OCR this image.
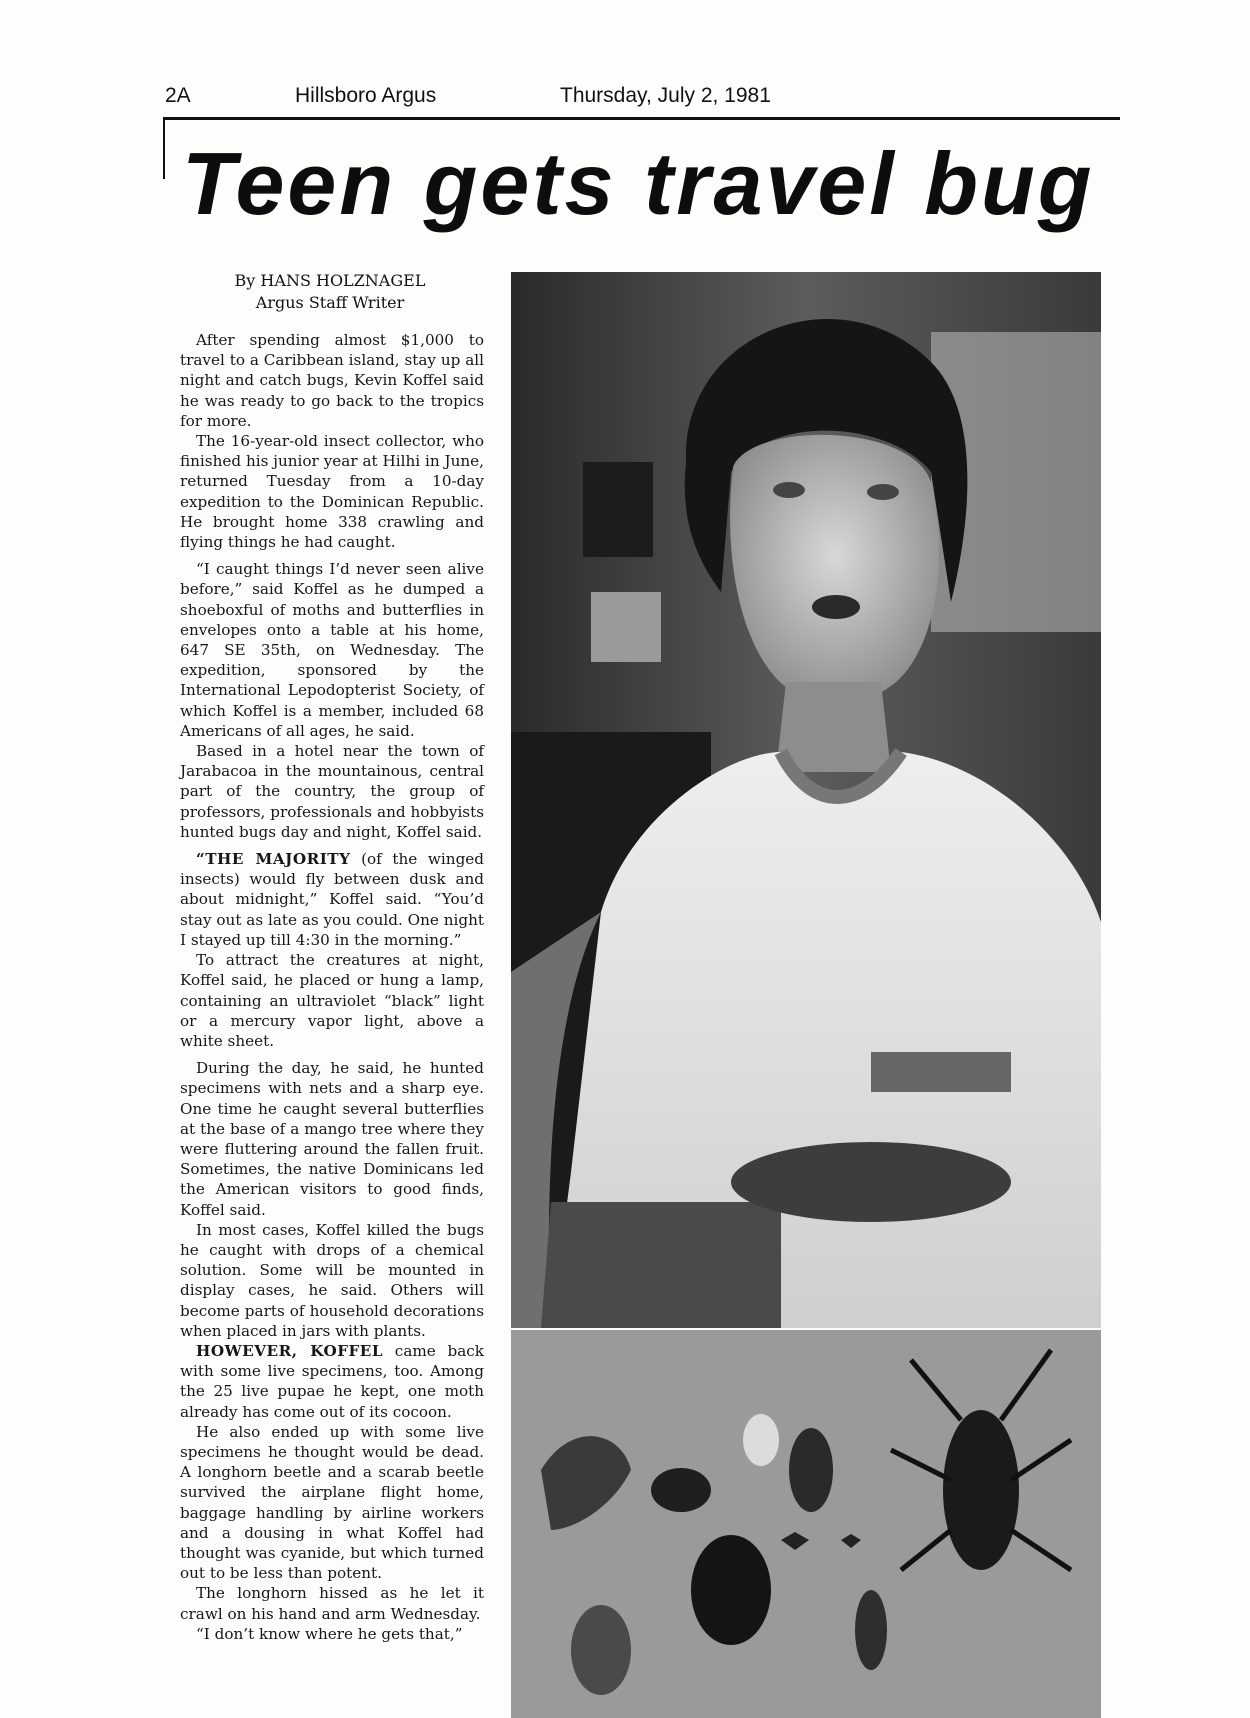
2A	Hillsboro Argus	Thursday, July 2, 1981
Teen gets travel bug
By HANS HOLZNAGEL
Argus Staff Writer

After spending almost $1,000 to travel to a Caribbean island, stay up all night and catch bugs, Kevin Koffel said he was ready to go back to the tropics for more.

The 16-year-old insect collector, who finished his junior year at Hilhi in June, returned Tuesday from a 10-day expedition to the Dominican Republic. He brought home 338 crawling and flying things he had caught.

“I caught things I’d never seen alive before,” said Koffel as he dumped a shoeboxful of moths and butterflies in envelopes onto a table at his home, 647 SE 35th, on Wednesday. The expedition, sponsored by the International Lepodopterist Society, of which Koffel is a member, included 68 Americans of all ages, he said.

Based in a hotel near the town of Jarabacoa in the mountainous, central part of the country, the group of professors, professionals and hobbyists hunted bugs day and night, Koffel said.

“THE MAJORITY (of the winged insects) would fly between dusk and about midnight,” Koffel said. “You’d stay out as late as you could. One night I stayed up till 4:30 in the morning.”

To attract the creatures at night, Koffel said, he placed or hung a lamp, containing an ultraviolet “black” light or a mercury vapor light, above a white sheet.

During the day, he said, he hunted specimens with nets and a sharp eye. One time he caught several butterflies at the base of a mango tree where they were fluttering around the fallen fruit. Sometimes, the native Dominicans led the American visitors to good finds, Koffel said.

In most cases, Koffel killed the bugs he caught with drops of a chemical solution. Some will be mounted in display cases, he said. Others will become parts of household decorations when placed in jars with plants.

HOWEVER, KOFFEL came back with some live specimens, too. Among the 25 live pupae he kept, one moth already has come out of its cocoon.

He also ended up with some live specimens he thought would be dead. A longhorn beetle and a scarab beetle survived the airplane flight home, baggage handling by airline workers and a dousing in what Koffel had thought was cyanide, but which turned out to be less than potent.

The longhorn hissed as he let it crawl on his hand and arm Wednesday.

“I don’t know where he gets that,”
